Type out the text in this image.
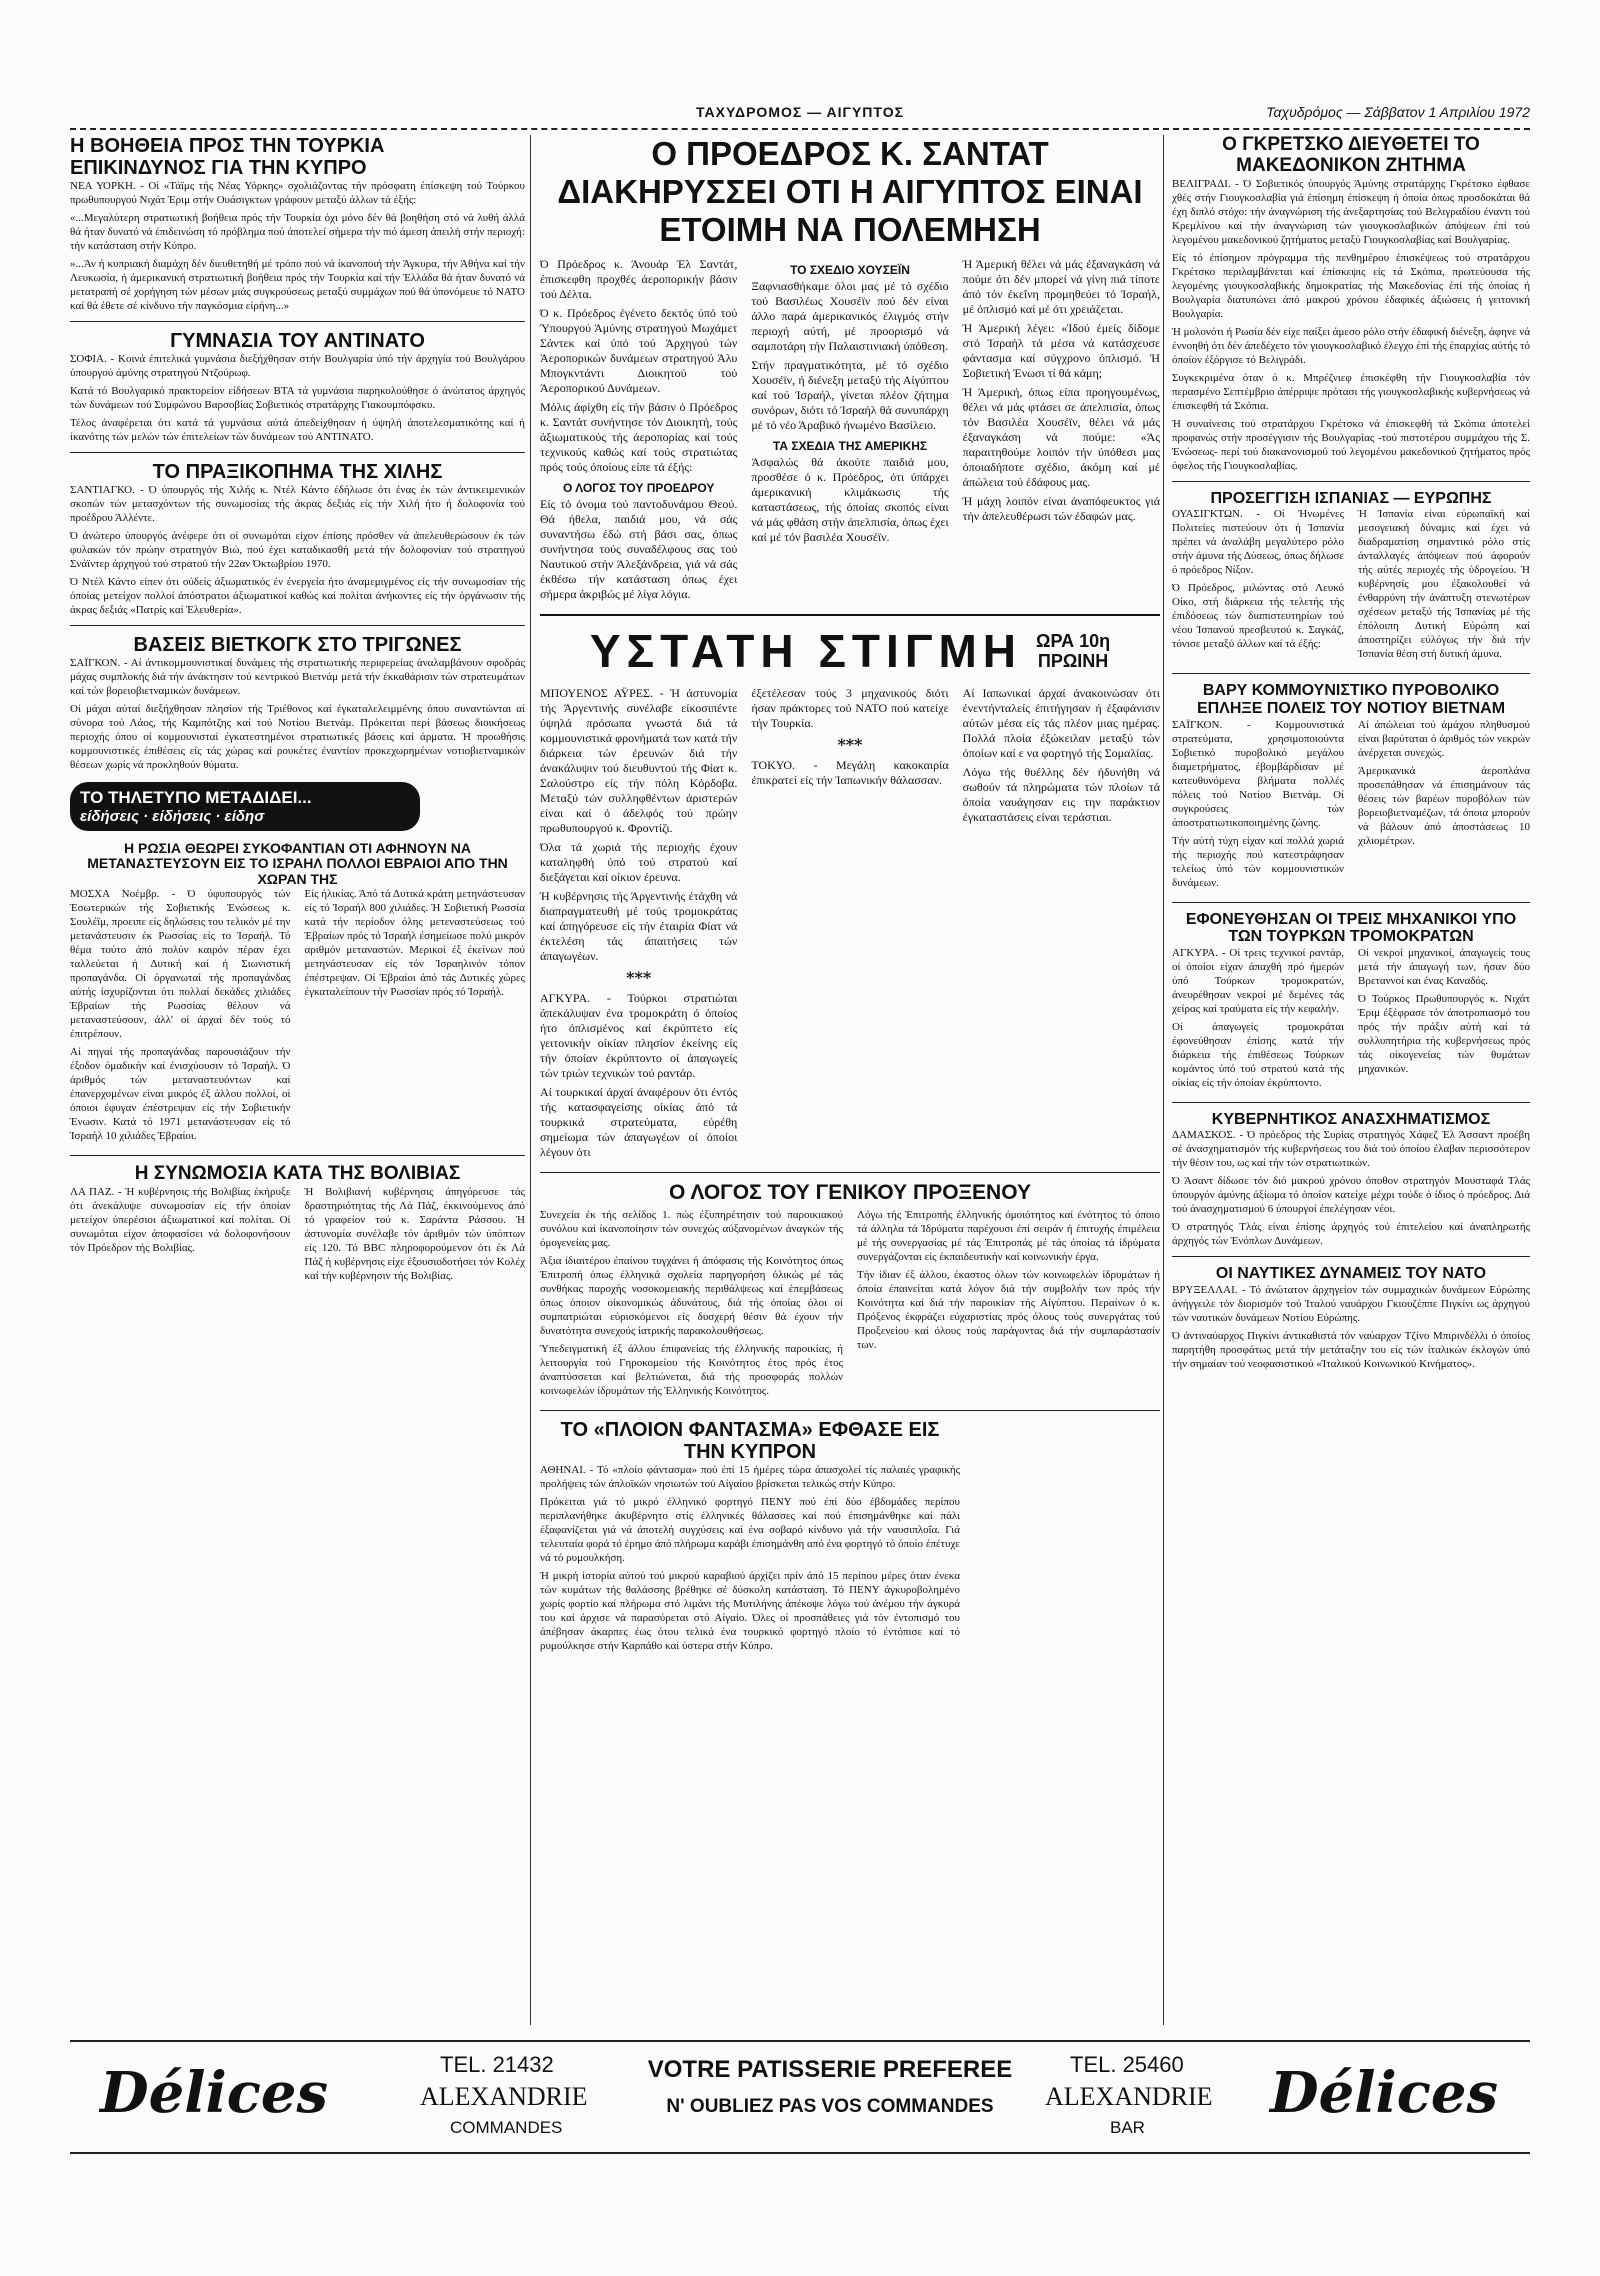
ΤΑΧΥΔΡΟΜΟΣ — ΑΙΓΥΠΤΟΣ	Ταχυδρόμος — Σάββατον 1 Απριλίου 1972
Η ΒΟΗΘΕΙΑ ΠΡΟΣ ΤΗΝ ΤΟΥΡΚΙΑ ΕΠΙΚΙΝΔΥΝΟΣ ΓΙΑ ΤΗΝ ΚΥΠΡΟ

ΝΕΑ ΥΟΡΚΗ. - Οί «Τάϊμς τής Νέας Υόρκης» σχολιάζοντας τήν πρόσφατη έπίσκεψη τού Τούρκου πρωθυπουργού Νιχάτ Έριμ στήν Ουάσιγκτων γράφουν μεταξύ άλλων τά έξής:

«...Μεγαλύτερη στρατιωτική βοήθεια πρός τήν Τουρκία όχι μόνο δέν θά βοηθήση στό νά λυθή άλλά θά ήταν δυνατό νά έπιδεινώση τό πρόβλημα πού άποτελεί σήμερα τήν πιό άμεση άπειλή στήν περιοχή: τήν κατάσταση στήν Κύπρο.

»...Άν ή κυπριακή διαμάχη δέν διευθετηθή μέ τρόπο πού νά ίκανοποιή τήν Άγκυρα, τήν Άθήνα καί τήν Λευκωσία, ή άμερικανική στρατιωτική βοήθεια πρός τήν Τουρκία καί τήν Έλλάδα θά ήταν δυνατό νά μετατραπή σέ χορήγηση τών μέσων μιάς συγκρούσεως μεταξύ συμμάχων πού θά ύπονόμευε τό ΝΑΤΟ καί θά έθετε σέ κίνδυνο τήν παγκόσμια είρήνη...»

ΓΥΜΝΑΣΙΑ ΤΟΥ ΑΝΤΙΝΑΤΟ

ΣΟΦΙΑ. - Κοινά έπιτελικά γυμνάσια διεξήχθησαν στήν Βουλγαρία ύπό τήν άρχηγία τού Βουλγάρου ύπουργού άμύνης στρατηγού Ντζούρωφ.

Κατά τό Βουλγαρικό πρακτορείον είδήσεων ΒΤΑ τά γυμνάσια παρηκολούθησε ό άνώτατος άρχηγός τών δυνάμεων τού Συμφώνου Βαρσοβίας Σοβιετικός στρατάρχης Γιακουμπόφσκυ.

Τέλος άναφέρεται ότι κατά τά γυμνάσια αύτά άπεδείχθησαν ή ύψηλή άποτελεσματικότης καί ή ίκανότης τών μελών τών έπιτελείων τών δυνάμεων τού ΑΝΤΙΝΑΤΟ.

ΤΟ ΠΡΑΞΙΚΟΠΗΜΑ ΤΗΣ ΧΙΛΗΣ

ΣΑΝΤΙΑΓΚΟ. - Ό ύπουργός τής Χιλής κ. Ντέλ Κάντο έδήλωσε ότι ένας έκ τών άντικειμενικών σκοπών τών μετασχόντων τής συνωμοσίας τής άκρας δεξιάς είς τήν Χιλή ήτο ή δολοφονία τού προέδρου Άλλέντε.

Ό άνώτερο ύπουργός άνέφερε ότι οί συνωμόται είχον έπίσης πρόσθεν νά άπελευθερώσουν έκ τών φυλακών τόν πρώην στρατηγόν Βιώ, πού έχει καταδικασθή μετά τήν δολοφονίαν τού στρατηγού Σνάϊντερ άρχηγού τού στρατού τήν 22αν Όκτωβρίου 1970.

Ό Ντέλ Κάντο είπεν ότι ούδείς άξιωματικός έν ένεργεία ήτο άναμεμιγμένος είς τήν συνωμοσίαν τής όποίας μετείχον πολλοί άπόστρατοι άξιωματικοί καθώς καί πολίται άνήκοντες είς τήν όργάνωσιν τής άκρας δεξιάς «Πατρίς καί Έλευθερία».

ΒΑΣΕΙΣ ΒΙΕΤΚΟΓΚ ΣΤΟ ΤΡΙΓΩΝΕΣ

ΣΑΪΓΚΟΝ. - Αί άντικομμουνιστικαί δυνάμεις τής στρατιωτικής περιφερείας άναλαμβάνουν σφοδράς μάχας συμπλοκής διά τήν άνάκτησιν τού κεντρικού Βιετνάμ μετά τήν έκκαθάρισιν τών στρατευμάτων καί τών βορειοβιετναμικών δυνάμεων.

Οί μάχαι αύταί διεξήχθησαν πλησίον τής Τριέθονος καί έγκαταλελειμμένης όπου συναντώνται αί σύνορα τού Λάος, τής Καμπότζης καί τού Νοτίου Βιετνάμ. Πρόκειται περί βάσεως διοικήσεως περιοχής όπου οί κομμουνισταί έγκατεστημένοι στρατιωτικές βάσεις καί άρματα. Ή προωθήσις κομμουνιστικές έπιθέσεις είς τάς χώρας καί ρουκέτες έναντίον προκεχωρημένων νοτιοβιετναμικών θέσεων χωρίς νά προκληθούν θύματα.

ΤΟ ΤΗΛΕΤΥΠΟ ΜΕΤΑΔΙΔΕΙ...
είδήσεις · είδήσεις · είδησ
Η ΡΩΣΙΑ ΘΕΩΡΕΙ ΣΥΚΟΦΑΝΤΙΑΝ ΟΤΙ ΑΦΗΝΟΥΝ ΝΑ ΜΕΤΑΝΑΣΤΕΥΣΟΥΝ ΕΙΣ ΤΟ ΙΣΡΑΗΛ ΠΟΛΛΟΙ ΕΒΡΑΙΟΙ ΑΠΟ ΤΗΝ ΧΩΡΑΝ ΤΗΣ

ΜΟΣΧΑ Νοέμβρ. - Ό ύφυπουργός τών Έσωτερικών τής Σοβιετικής Ένώσεως κ. Σουλέϊμ, προειπε είς δηλώσεις του τελικόν μέ την μετανάστευσιν έκ Ρωσσίας είς το Ίσραήλ. Τό θέμα τούτο άπό πολύν καιρόν πέραν έχει ταλλεύεται ή Δυτική καί ή Σιωνιστική προπαγάνδα. Οί όργανωταί τής προπαγάνδας αύτής ίσχυρίζονται ότι πολλαί δεκάδες χιλιάδες Έβραίων τής Ρωσσίας θέλουν νά μεταναστεύσουν, άλλ' οί άρχαί δέν τούς τό έπιτρέπουν.

Αί πηγαί τής προπαγάνδας παρουσιάζουν τήν έξοδον όμαδικήν καί ένισχύουσιν τό Ίσραήλ. Ό άριθμός τών μεταναστευόντων καί έπανερχομένων είναι μικρός έξ άλλου πολλοί, οί όποιοι έφυγαν έπέστρεψαν είς τήν Σοβιετικήν Ένωσιν. Κατά τό 1971 μετανάστευσαν είς τό Ίσραήλ 10 χιλιάδες Έβραίοι.

Είς ήλικίας. Άπό τά Δυτικά κράτη μετηνάστευσαν είς τό Ίσραήλ 800 χιλιάδες. Ή Σοβιετική Ρωσσία κατά τήν περίοδον όλης μετεναστεύσεως τού Έβραίων πρός τό Ίσραήλ έσημείωσε πολύ μικρόν αριθμόν μεταναστών. Μερικοί έξ έκείνων πού μετηνάστευσαν είς τόν Ίσραηλινόν τόπον έπέστρεψαν. Οί Έβραίοι άπό τάς Δυτικές χώρες έγκαταλείπουν τήν Ρωσσίαν πρός τό Ίσραήλ.

Η ΣΥΝΩΜΟΣΙΑ ΚΑΤΑ ΤΗΣ ΒΟΛΙΒΙΑΣ

ΛΑ ΠΑΖ. - Ή κυβέρνησις τής Βολιβίας έκήρυξε ότι άνεκάλυψε συνωμοσίαν είς τήν όποίαν μετείχον ύπερέσιοι άξιωματικοί καί πολίται. Οί συνωμόται είχον άποφασίσει νά δολοφονήσουν τόν Πρόεδρον τής Βολιβίας.

Ή Βολιβιανή κυβέρνησις άπηγόρευσε τάς δραστηριότητας τής Λά Πάζ, έκκινούμενος άπό τό γραφείον τού κ. Σαράντα Ράσσου. Ή άστυνομία συνέλαβε τόν άριθμόν τών ύπόπτων είς 120. Τό BBC πληροφορούμενον ότι έκ Λά Πάζ ή κυβέρνησις είχε έξουσιοδοτήσει τόν Κολέχ καί τήν κυβέρνησιν τής Βολιβίας.

Ο ΠΡΟΕΔΡΟΣ Κ. ΣΑΝΤΑΤ ΔΙΑΚΗΡΥΣΣΕΙ ΟΤΙ Η ΑΙΓΥΠΤΟΣ ΕΙΝΑΙ ΕΤΟΙΜΗ ΝΑ ΠΟΛΕΜΗΣΗ

Ό Πρόεδρος κ. Άνουάρ Έλ Σαντάτ, έπισκεφθη προχθές άεροπορικήν βάσιν τού Δέλτα.

Ό κ. Πρόεδρος έγένετο δεκτός ύπό τού Ύπουργού Άμύνης στρατηγού Μωχάμετ Σάντεκ καί ύπό τού Άρχηγού τών Άεροπορικών δυνάμεων στρατηγού Άλυ Μπογκντάντι Διοικητού τού Άεροπορικού Δυνάμεων.

Μόλις άφίχθη είς τήν βάσιν ό Πρόεδρος κ. Σαντάτ συνήντησε τόν Διοικητή, τούς άξιωματικούς τής άεροπορίας καί τούς τεχνικούς καθώς καί τούς στρατιώτας πρός τούς όποίους είπε τά έξής:

Ο ΛΟΓΟΣ ΤΟΥ ΠΡΟΕΔΡΟΥ

Είς τό όνομα τού παντοδυνάμου Θεού. Θά ήθελα, παιδιά μου, νά σάς συναντήσω έδώ στή βάσι σας, όπως συνήντησα τούς συναδέλφους σας τού Ναυτικού στήν Άλεξάνδρεια, γιά νά σάς έκθέσω τήν κατάσταση όπως έχει σήμερα άκριβώς μέ λίγα λόγια.

ΤΟ ΣΧΕΔΙΟ ΧΟΥΣΕΪΝ

Ξαφνιασθήκαμε όλοι μας μέ τό σχέδιο τού Βασιλέως Χουσέϊν πού δέν είναι άλλο παρά άμερικανικός έλιγμός στήν περιοχή αύτή, μέ προορισμό νά σαμποτάρη τήν Παλαιστινιακή ύπόθεση.

Στήν πραγματικότητα, μέ τό σχέδιο Χουσέϊν, ή διένεξη μεταξύ τής Αίγύπτου καί τού Ίσραήλ, γίνεται πλέον ζήτημα συνόρων, διότι τό Ίσραήλ θά συνυπάρχη μέ τό νέο Άραβικό ήνωμένο Βασίλειο.

ΤΑ ΣΧΕΔΙΑ ΤΗΣ ΑΜΕΡΙΚΗΣ

Άσφαλώς θά άκούτε παιδιά μου, προσθέσε ό κ. Πρόεδρος, ότι ύπάρχει άμερικανική κλιμάκωσις τής καταστάσεως, τής όποίας σκοπός είναι νά μάς φθάση στήν άπελπισία, όπως έχει καί μέ τόν βασιλέα Χουσέϊν.

Ή Άμερική θέλει νά μάς έξαναγκάση νά πούμε ότι δέν μπορεί νά γίνη πιά τίποτε άπό τόν έκεΐνη προμηθεύει τό Ίσραήλ, μέ όπλισμό καί μέ ότι χρειάζεται.

Ή Άμερική λέγει: «Ίδού έμείς δίδομε στό Ίσραήλ τά μέσα νά κατάσχευσε φάντασμα καί σύγχρονο όπλισμό. Ή Σοβιετική Ένωσι τί θά κάμη;

Ή Άμερική, όπως είπα προηγουμένως, θέλει νά μάς φτάσει σε άπελπισία, όπως τόν Βασιλέα Χουσέϊν, θέλει νά μάς έξαναγκάση νά πούμε: «Άς παραιτηθούμε λοιπόν τήν ύπόθεσι μας όποιαδήποτε σχέδιο, άκόμη καί μέ άπώλεια τού έδάφους μας.

Ή μάχη λοιπόν είναι άναπόφευκτος γιά τήν άπελευθέρωσι τών έδαφών μας.

ΥΣΤΑΤΗ ΣΤΙΓΜΗ ΩΡΑ 10η
ΠΡΩΙΝΗ

ΜΠΟΥΕΝΟΣ ΑΫΡΕΣ. - Ή άστυνομία τής Άργεντινής συνέλαβε είκοσιπέντε ύψηλά πρόσωπα γνωστά διά τά κομμουνιστικά φρονήματά των κατά τήν διάρκεια τών έρευνών διά τήν άνακάλυψιν τού διευθυντού τής Φίατ κ. Σαλούστρο είς τήν πόλη Κόρδοβα. Μεταξύ τών συλληφθέντων άριστερών είναι καί ό άδελφός τού πρώην πρωθυπουργού κ. Φροντίζι.

Όλα τά χωριά τής περιοχής έχουν καταληφθή ύπό τού στρατού καί διεξάγεται καί οίκιον έρευνα.

Ή κυβέρνησις τής Άργεντινής έτάχθη νά διαπραγματευθή μέ τούς τρομοκράτας καί άπηγόρευσε είς τήν έταιρία Φίατ νά έκτελέση τάς άπαιτήσεις τών άπαγωγέων.

***

ΑΓΚΥΡΑ. - Τούρκοι στρατιώται άπεκάλυψαν ένα τρομοκράτη ό όποίος ήτο όπλισμένος καί έκρύπτετο είς γειτονικήν οίκίαν πλησίον έκείνης είς τήν όποίαν έκρύπτοντο οί άπαγωγείς τών τριών τεχνικών τού ραντάρ.

Αί τουρκικαί άρχαί άναφέρουν ότι έντός τής κατασφαγείσης οίκίας άπό τά τουρκικά στρατεύματα, εύρέθη σημείωμα τών άπαγωγέων οί όποίοι λέγουν ότι

έξετέλεσαν τούς 3 μηχανικούς διότι ήσαν πράκτορες τού ΝΑΤΟ πού κατείχε τήν Τουρκία.

***

ΤΟΚΥΟ. - Μεγάλη κακοκαιρία έπικρατεί είς τήν Ίαπωνικήν θάλασσαν.

Αί Ιαπωνικαί άρχαί άνακοινώσαν ότι ένεντήνταλείς έπιτήγησαν ή έξαφάνισιν αύτών μέσα είς τάς πλέον μιας ημέρας. Πολλά πλοία έξώκειλαν μεταξύ τών όποίων καί ε να φορτηγό τής Σομαλίας.

Λόγω τής θυέλλης δέν ήδυνήθη νά σωθούν τά πληρώματα τών πλοίων τά όποία ναυάγησαν εις την παράκτιον έγκαταστάσεις είναι τεράστιαι.

Ο ΛΟΓΟΣ ΤΟΥ ΓΕΝΙΚΟΥ ΠΡΟΞΕΝΟΥ

Συνεχεία έκ τής σελίδος 1. πώς έξυπηρέτησιν τού παροικιακού συνόλου καί ίκανοποίησιν τών συνεχώς αύξανομένων άναγκών τής όμογενείας μας.

Άξια ίδιαιτέρου έπαίνου τυγχάνει ή άπόφασις τής Κοινότητος όπως Έπιτροπή όπως έλληνικά σχολεία παρηγορήση όλικώς μέ τάς συνθήκας παροχής νοσοκομειακής περιθάλψεως καί έπεμβάσεως όπως όποιον οίκονομικώς άδυνάτους, διά τής όποίας όλοι οί συμπατριώται εύρισκόμενοι είς δυσχερή θέσιν θά έχουν τήν δυνατότητα συνεχούς ίατρικής παρακολουθήσεως.

Ύπεδειγματική έξ άλλου έπιφανείας τής έλληνικής παροικίας, ή λειτουργία τού Γηροκομείου τής Κοινότητος έτος πρός έτος άναπτύσσεται καί βελτιώνεται, διά τής προσφοράς πολλών κοινωφελών ίδρυμάτων τής Έλληνικής Κοινότητος.

Λόγω τής Έπιτροπής έλληνικής όμοιότητος καί ένότητος τό όποιο τά άλληλα τά Ίδρύματα παρέχουσι έπί σειράν ή έπιτυχής έπιμέλεια μέ τής συνεργασίας μέ τάς Έπιτροπάς μέ τάς όποίας τά ίδρύματα συνεργάζονται είς έκπαιδευτικήν καί κοινωνικήν έργα.

Τήν ίδιαν έξ άλλου, έκαστος όλων τών κοινωφελών ίδρυμάτων ή όποία έπαινείται κατά λόγον διά τήν συμβολήν των πρός τήν Κοινότητα καί διά τήν παροικίαν τής Αίγύπτου. Περαίνων ό κ. Πρόξενος έκφράζει εύχαριστίας πρός όλους τούς συνεργάτας τού Προξενείου καί όλους τούς παράγοντας διά τήν συμπαράστασίν των.

ΤΟ «ΠΛΟΙΟΝ ΦΑΝΤΑΣΜΑ» ΕΦΘΑΣΕ ΕΙΣ ΤΗΝ ΚΥΠΡΟΝ

ΑΘΗΝΑΙ. - Τό «πλοίο φάντασμα» πού έπί 15 ήμέρες τώρα άπασχολεί τίς παλαιές γραφικής προλήψεις τών άπλοϊκών νησιωτών τού Αίγαίου βρίσκεται τελικώς στήν Κύπρο.

Πρόκειται γιά τό μικρό έλληνικό φορτηγό ΠΕΝΥ πού έπί δύο έβδομάδες περίπου περιπλανήθηκε άκυβέρνητο στίς έλληνικές θάλασσες καί πού έπισημάνθηκε καί πάλι έξαφανίζεται γιά νά άποτελή συγχύσεις καί ένα σοβαρό κίνδυνο γιά τήν ναυσιπλοΐα. Γιά τελευταία φορά τό έρημο άπό πλήρωμα καράβι έπισημάνθη από ένα φορτηγό τό όποίο έπέτυχε νά τό ρυμουλκήση.

Ή μικρή ίστορία αύτού τού μικρού καραβιού άρχίζει πρίν άπό 15 περίπου μέρες όταν ένεκα τών κυμάτων τής θαλάσσης βρέθηκε σέ δύσκολη κατάσταση. Τό ΠΕΝΥ άγκυροβολημένο χωρίς φορτίο καί πλήρωμα στό λιμάνι τής Μυτιλήνης άπέκοψε λόγω τού άνέμου τήν άγκυρά του καί άρχισε νά παρασύρεται στό Αίγαίο. Όλες οί προσπάθειες γιά τόν έντοπισμό του άπέβησαν άκαρπες έως ότου τελικά ένα τουρκικό φορτηγό πλοίο τό έντόπισε καί τό ρυμούλκησε στήν Καρπάθο καί ύστερα στήν Κύπρο.

Ο ΓΚΡΕΤΣΚΟ ΔΙΕΥΘΕΤΕΙ ΤΟ ΜΑΚΕΔΟΝΙΚΟΝ ΖΗΤΗΜΑ

ΒΕΛΙΓΡΑΔΙ. - Ό Σοβιετικός ύπουργός Άμύνης στρατάρχης Γκρέτσκο έφθασε χθές στήν Γιουγκοσλαβία γιά έπίσημη έπίσκεψη ή όποία όπως προσδοκάται θά έχη διπλό στόχο: τήν άναγνώριση τής άνεξαρτησίας τού Βελιγραδίου έναντι τού Κρεμλίνου καί τήν άναγνώριση τών γιουγκοσλαβικών άπόψεων έπί τού λεγομένου μακεδονικού ζητήματος μεταξύ Γιουγκοσλαβίας καί Βουλγαρίας.

Είς τό έπίσημον πρόγραμμα τής πενθημέρου έπισκέψεως τού στρατάρχου Γκρέτσκο περιλαμβάνεται καί έπίσκεψις είς τά Σκόπια, πρωτεύουσα τής λεγομένης γιουγκοσλαβικής δημοκρατίας τής Μακεδονίας έπί τής όποίας ή Βουλγαρία διατυπώνει άπό μακρού χρόνου έδαφικές άξιώσεις ή γειτονική Βουλγαρία.

Ή μολονότι ή Ρωσία δέν είχε παίξει άμεσο ρόλο στήν έδαφική διένεξη, άφηνε νά έννοηθή ότι δέν άπεδέχετο τόν γιουγκοσλαβικό έλεγχο έπί τής έπαρχίας αύτής τό όποίον έξόργισε τό Βελιγράδι.

Συγκεκριμένα όταν ό κ. Μπρέζνιεφ έπισκέφθη τήν Γιουγκοσλαβία τόν περασμένο Σεπτέμβριο άπέρριψε πρότασι τής γιουγκοσλαβικής κυβερνήσεως νά έπισκεφθή τά Σκόπια.

Ή συναίνεσις τού στρατάρχου Γκρέτσκο νά έπισκεφθή τά Σκόπια άποτελεί προφανώς στήν προσέγγισιν τής Βουλγαρίας -τού πιστοτέρου συμμάχου τής Σ. Ένώσεως- περί τού διακανονισμού τού λεγομένου μακεδονικού ζητήματος πρός όφελος τής Γιουγκοσλαβίας.

ΠΡΟΣΕΓΓΙΣΗ ΙΣΠΑΝΙΑΣ — ΕΥΡΩΠΗΣ

ΟΥΑΣΙΓΚΤΩΝ. - Οί Ήνωμένες Πολιτείες πιστεύουν ότι ή Ίσπανία πρέπει νά άναλάβη μεγαλύτερο ρόλο στήν άμυνα τής Δύσεως, όπως δήλωσε ό πρόεδρος Νίξον.

Ό Πρόεδρος, μιλώντας στό Λευκό Οίκο, στή διάρκεια τής τελετής τής έπιδόσεως τών διαπιστευτηρίων τού νέου Ίσπανού πρεσβευτού κ. Σαγκάζ, τόνισε μεταξύ άλλων καί τά έξής:

Ή Ίσπανία είναι εύρωπαϊκή καί μεσογειακή δύναμις καί έχει νά διαδραματίση σημαντικό ρόλο στίς άνταλλαγές άπόψεων πού άφορούν τής αύτές περιοχές τής ύδρογείου. Ή κυβέρνησίς μου έξακολουθεί νά ένθαρρύνη τήν άνάπτυξη στενωτέρων σχέσεων μεταξύ τής Ίσπανίας μέ τής έπόλοιπη Δυτική Εύρώπη καί άποστηρίζει εύλόγως τήν διά τήν Ίσπανία θέση στή δυτική άμυνα.

ΒΑΡΥ ΚΟΜΜΟΥΝΙΣΤΙΚΟ ΠΥΡΟΒΟΛΙΚΟ ΕΠΛΗΞΕ ΠΟΛΕΙΣ ΤΟΥ ΝΟΤΙΟΥ ΒΙΕΤΝΑΜ

ΣΑΪΓΚΟΝ. - Κομμουνιστικά στρατεύματα, χρησιμοποιούντα Σοβιετικό πυροβολικό μεγάλου διαμετρήματος, έβομβάρδισαν μέ κατευθυνόμενα βλήματα πολλές πόλεις τού Νοτίου Βιετνάμ. Οί συγκρούσεις τών άποστρατιωτικοποιημένης ζώνης.

Τήν αύτή τύχη είχαν καί πολλά χωριά τής περιοχής πού κατεστράφησαν τελείως ύπό τών κομμουνιστικών δυνάμεων.

Αί άπώλειαι τού άμάχου πληθυσμού είναι βαρύταται ό άριθμός τών νεκρών άνέρχεται συνεχώς.

Άμερικανικά άεροπλάνα προσεπάθησαν νά έπισημάνουν τάς θέσεις τών βαρέων πυροβόλων τών βορειοβιετναμέζων, τά όποια μπορούν νά βάλουν άπό άποστάσεως 10 χιλιομέτρων.

ΕΦΟΝΕΥΘΗΣΑΝ ΟΙ ΤΡΕΙΣ ΜΗΧΑΝΙΚΟΙ ΥΠΟ ΤΩΝ ΤΟΥΡΚΩΝ ΤΡΟΜΟΚΡΑΤΩΝ

ΑΓΚΥΡΑ. - Οί τρεις τεχνικοί ραντάρ, οί όποίοι είχαν άπαχθή πρό ήμερών ύπό Τούρκων τρομοκρατών, άνευρέθησαν νεκροί μέ δεμένες τάς χείρας καί τραύματα είς τήν κεφαλήν.

Οί άπαγωγείς τρομοκράται έφονεύθησαν έπίσης κατά τήν διάρκεια τής έπιθέσεως Τούρκων κομάντος ύπό τού στρατού κατά τής οίκίας είς τήν όποίαν έκρύπτοντο.

Οί νεκροί μηχανικοί, άπαγωγείς τους μετά τήν άπαγωγή των, ήσαν δύο Βρεταννοί και ένας Καναδός.

Ό Τούρκος Πρωθυπουργός κ. Νιχάτ Έριμ έξέφρασε τόν άποτροπιασμό του πρός τήν πράξιν αύτή καί τά συλλυπητήρια τής κυβερνήσεως πρός τάς οίκογενείας τών θυμάτων μηχανικών.

ΚΥΒΕΡΝΗΤΙΚΟΣ ΑΝΑΣΧΗΜΑΤΙΣΜΟΣ

ΔΑΜΑΣΚΟΣ. - Ό πρόεδρος τής Συρίας στρατηγός Χάφεζ Έλ Άσσαντ προέβη σέ άνασχηματισμόν τής κυβερνήσεως του διά τού όποίου έλαβαν περισσότερον τήν θέσιν του, ως καί τήν τών στρατιωτικών.

Ό Άσαντ δίδωσε τόν διό μακρού χρόνου όποθον στρατηγόν Μουσταφά Τλάς ύπουργόν άμύνης άξίωμα τό όποίον κατείχε μέχρι τούδε ό ίδιος ό πρόεδρος. Διά τού άνασχηματισμού 6 ύπουργοί έπελέγησαν νέοι.

Ό στρατηγός Τλάς είναι έπίσης άρχηγός τού έπιτελείου καί άναπληρωτής άρχηγός τών Ένόπλων Δυνάμεων.

ΟΙ ΝΑΥΤΙΚΕΣ ΔΥΝΑΜΕΙΣ ΤΟΥ ΝΑΤΟ

ΒΡΥΞΕΛΛΑΙ. - Τό άνώτατον άρχηγείον τών συμμαχικών δυνάμεων Εύρώπης άνήγγειλε τόν διορισμόν τού Ίταλού ναυάρχου Γκιουζέππε Πιγκίνι ως άρχηγού τών ναυτικών δυνάμεων Νοτίου Εύρώπης.

Ό άντιναύαρχος Πιγκίνι άντικαθιστά τόν ναύαρχον Τζίνο Μπιρινδέλλι ό όποίος παρητήθη προσφάτως μετά τήν μετάταξην του είς τών ίταλικών έκλογών ύπό τήν σημαίαν τού νεοφασιστικού «Ίταλικού Κοινωνικού Κινήματος».

Délices	TEL. 21432
ALEXANDRIE
COMMANDES
VOTRE PATISSERIE PREFEREE
N' OUBLIEZ PAS VOS COMMANDES
TEL. 25460
ALEXANDRIE
BAR
Délices
